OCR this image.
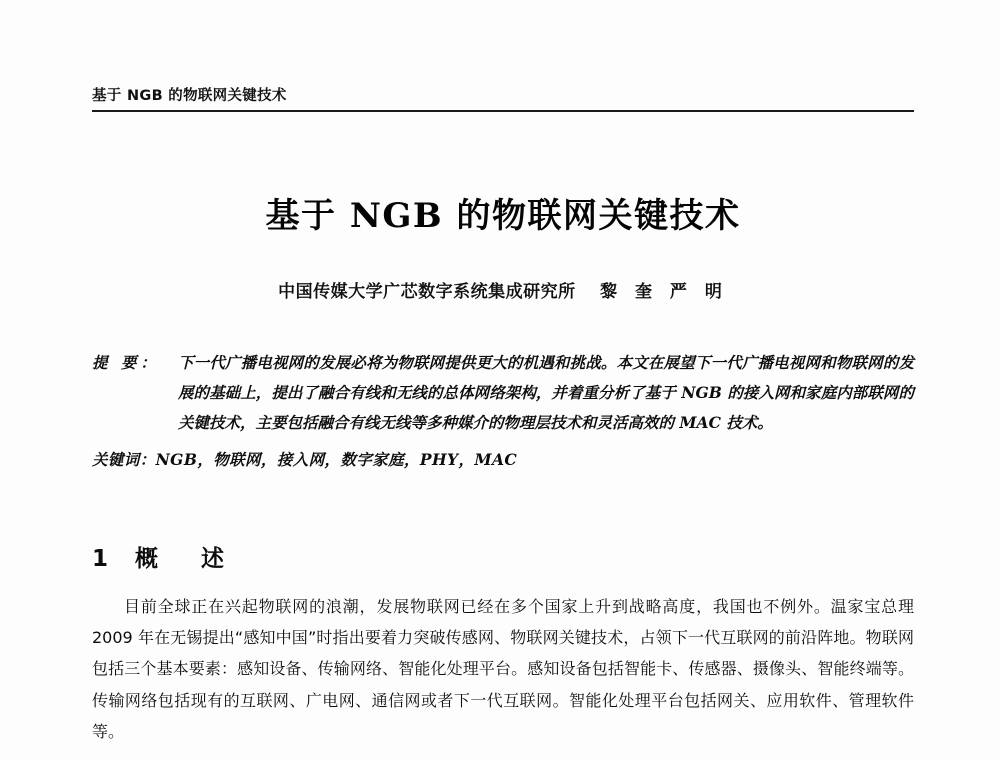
基于 NGB 的物联网关键技术
基于 NGB 的物联网关键技术
中国传媒大学广芯数字系统集成研究所 黎 奎 严 明
提 要：	下一代广播电视网的发展必将为物联网提供更大的机遇和挑战。本文在展望下一代广播电视网和物联网的发展的基础上，提出了融合有线和无线的总体网络架构，并着重分析了基于 NGB 的接入网和家庭内部联网的关键技术，主要包括融合有线无线等多种媒介的物理层技术和灵活高效的 MAC 技术。
关键词：NGB，物联网，接入网，数字家庭，PHY，MAC
1 概　述

目前全球正在兴起物联网的浪潮，发展物联网已经在多个国家上升到战略高度，我国也不例外。温家宝总理 2009 年在无锡提出“感知中国”时指出要着力突破传感网、物联网关键技术，占领下一代互联网的前沿阵地。物联网包括三个基本要素：感知设备、传输网络、智能化处理平台。感知设备包括智能卡、传感器、摄像头、智能终端等。传输网络包括现有的互联网、广电网、通信网或者下一代互联网。智能化处理平台包括网关、应用软件、管理软件等。
